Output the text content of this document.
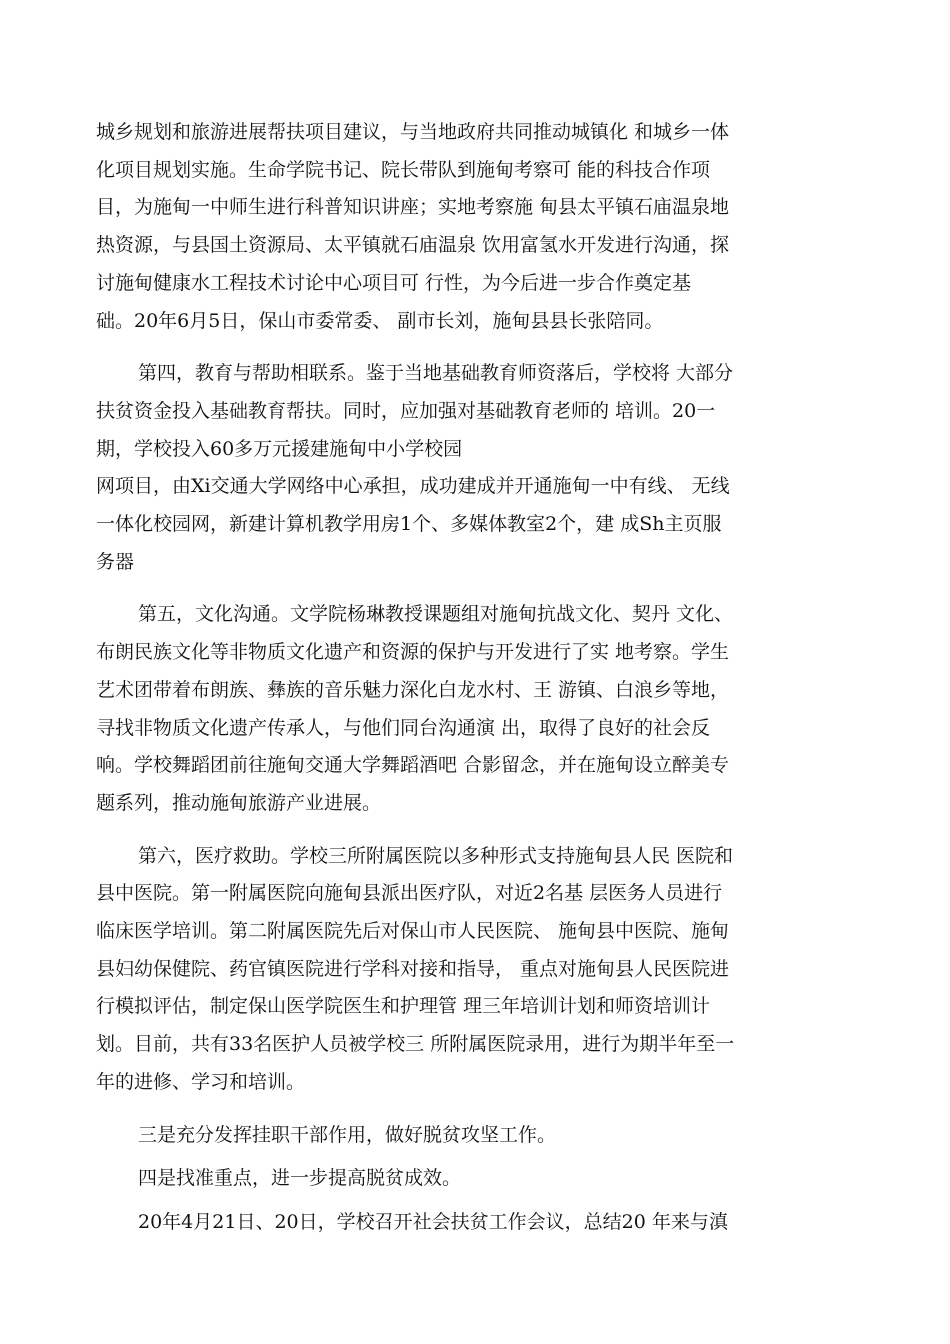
城乡规划和旅游进展帮扶项目建议，与当地政府共同推动城镇化 和城乡一体
化项目规划实施。生命学院书记、院长带队到施甸考察可 能的科技合作项
目，为施甸一中师生进行科普知识讲座；实地考察施 甸县太平镇石庙温泉地
热资源，与县国土资源局、太平镇就石庙温泉 饮用富氢水开发进行沟通，探
讨施甸健康水工程技术讨论中心项目可 行性，为今后进一步合作奠定基
础。20年6月5日，保山市委常委、 副市长刘，施甸县县长张陪同。

第四，教育与帮助相联系。鉴于当地基础教育师资落后，学校将 大部分
扶贫资金投入基础教育帮扶。同时，应加强对基础教育老师的 培训。20一
期，学校投入60多万元援建施甸中小学校园

网项目，由Xi交通大学网络中心承担，成功建成并开通施甸一中有线、 无线
一体化校园网，新建计算机教学用房1个、多媒体教室2个，建 成Sh主页服
务器

第五，文化沟通。文学院杨琳教授课题组对施甸抗战文化、契丹 文化、
布朗民族文化等非物质文化遗产和资源的保护与开发进行了实 地考察。学生
艺术团带着布朗族、彝族的音乐魅力深化白龙水村、王 游镇、白浪乡等地，
寻找非物质文化遗产传承人，与他们同台沟通演 出，取得了良好的社会反
响。学校舞蹈团前往施甸交通大学舞蹈酒吧 合影留念，并在施甸设立醉美专
题系列，推动施甸旅游产业进展。

第六，医疗救助。学校三所附属医院以多种形式支持施甸县人民 医院和
县中医院。第一附属医院向施甸县派出医疗队，对近2名基 层医务人员进行
临床医学培训。第二附属医院先后对保山市人民医院、 施甸县中医院、施甸
县妇幼保健院、药官镇医院进行学科对接和指导， 重点对施甸县人民医院进
行模拟评估，制定保山医学院医生和护理管 理三年培训计划和师资培训计
划。目前，共有33名医护人员被学校三 所附属医院录用，进行为期半年至一
年的进修、学习和培训。

三是充分发挥挂职干部作用，做好脱贫攻坚工作。

四是找准重点，进一步提高脱贫成效。

20年4月21日、20日，学校召开社会扶贫工作会议，总结20 年来与滇
